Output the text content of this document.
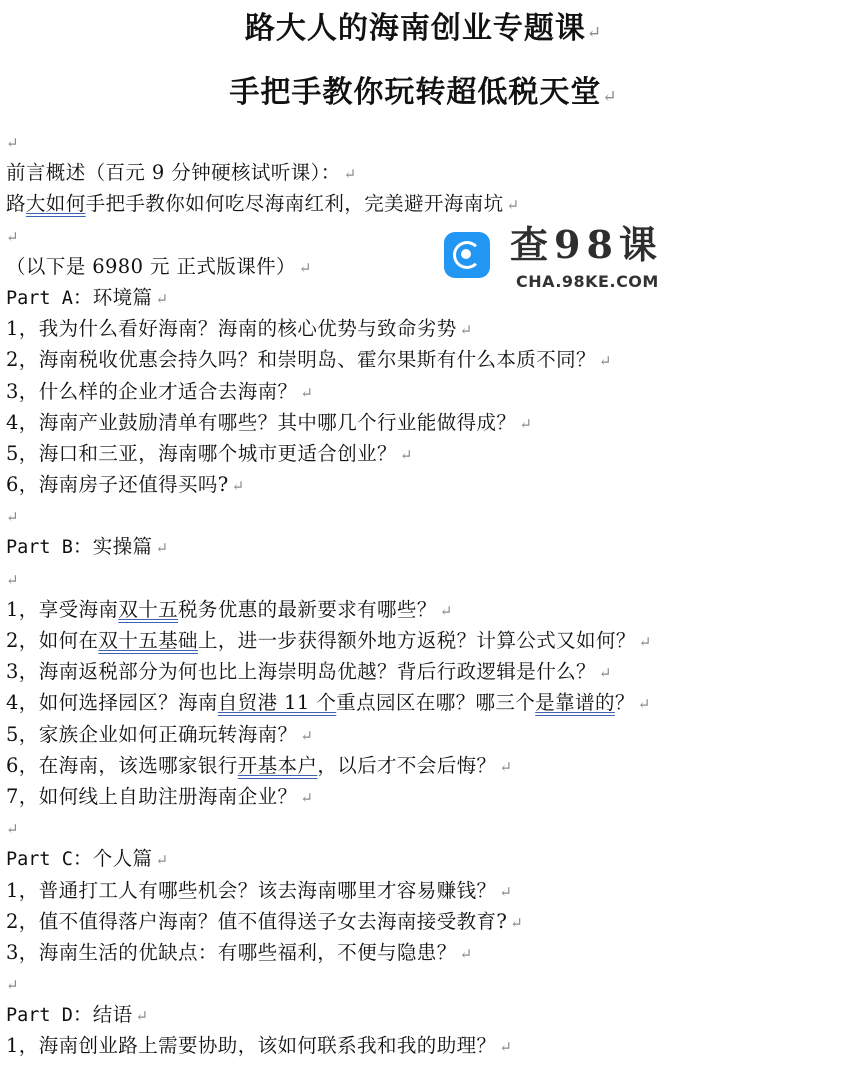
路大人的海南创业专题课↵
手把手教你玩转超低税天堂↵
查98课
CHA.98KE.COM
↵
前言概述（百元 9 分钟硬核试听课）： ↵
路大如何手把手教你如何吃尽海南红利，完美避开海南坑 ↵
↵
（以下是 6980 元 正式版课件） ↵
Part A：环境篇 ↵
1，我为什么看好海南？海南的核心优势与致命劣势 ↵
2，海南税收优惠会持久吗？和崇明岛、霍尔果斯有什么本质不同？ ↵
3，什么样的企业才适合去海南？ ↵
4，海南产业鼓励清单有哪些？其中哪几个行业能做得成？ ↵
5，海口和三亚，海南哪个城市更适合创业？ ↵
6，海南房子还值得买吗? ↵
↵
Part B：实操篇 ↵
↵
1，享受海南双十五税务优惠的最新要求有哪些？ ↵
2，如何在双十五基础上，进一步获得额外地方返税？计算公式又如何？ ↵
3，海南返税部分为何也比上海崇明岛优越？背后行政逻辑是什么？ ↵
4，如何选择园区？海南自贸港 11 个重点园区在哪？哪三个是靠谱的？ ↵
5，家族企业如何正确玩转海南？ ↵
6，在海南，该选哪家银行开基本户，以后才不会后悔？ ↵
7，如何线上自助注册海南企业？ ↵
↵
Part C：个人篇 ↵
1，普通打工人有哪些机会？该去海南哪里才容易赚钱？ ↵
2，值不值得落户海南？值不值得送子女去海南接受教育? ↵
3，海南生活的优缺点：有哪些福利，不便与隐患？ ↵
↵
Part D：结语 ↵
1，海南创业路上需要协助，该如何联系我和我的助理？ ↵
